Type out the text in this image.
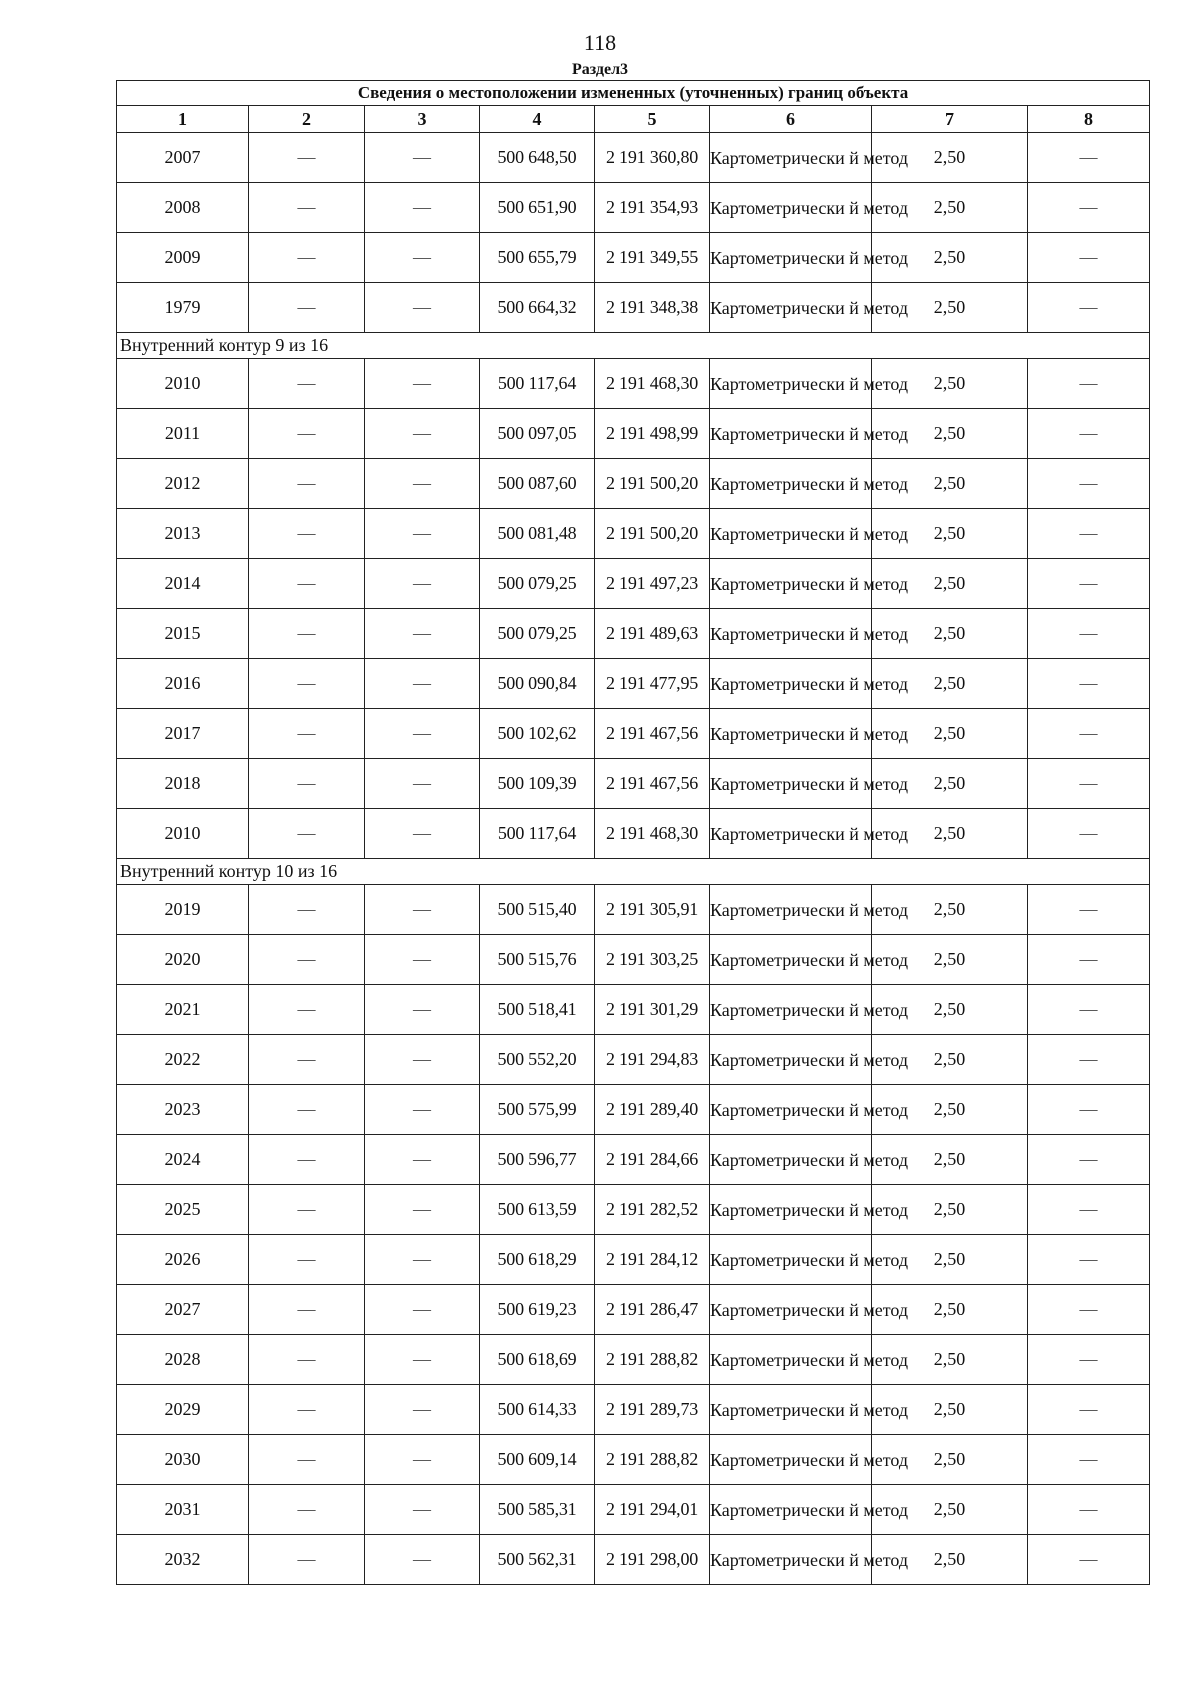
118
Раздел3
Сведения о местоположении измененных (уточненных) границ объекта							
1	2	3	4	5	6	7	8
2007	—	—	500 648,50	2 191 360,80	Картометрически й метод	2,50	—
2008	—	—	500 651,90	2 191 354,93	Картометрически й метод	2,50	—
2009	—	—	500 655,79	2 191 349,55	Картометрически й метод	2,50	—
1979	—	—	500 664,32	2 191 348,38	Картометрически й метод	2,50	—
Внутренний контур 9 из 16							
2010	—	—	500 117,64	2 191 468,30	Картометрически й метод	2,50	—
2011	—	—	500 097,05	2 191 498,99	Картометрически й метод	2,50	—
2012	—	—	500 087,60	2 191 500,20	Картометрически й метод	2,50	—
2013	—	—	500 081,48	2 191 500,20	Картометрически й метод	2,50	—
2014	—	—	500 079,25	2 191 497,23	Картометрически й метод	2,50	—
2015	—	—	500 079,25	2 191 489,63	Картометрически й метод	2,50	—
2016	—	—	500 090,84	2 191 477,95	Картометрически й метод	2,50	—
2017	—	—	500 102,62	2 191 467,56	Картометрически й метод	2,50	—
2018	—	—	500 109,39	2 191 467,56	Картометрически й метод	2,50	—
2010	—	—	500 117,64	2 191 468,30	Картометрически й метод	2,50	—
Внутренний контур 10 из 16							
2019	—	—	500 515,40	2 191 305,91	Картометрически й метод	2,50	—
2020	—	—	500 515,76	2 191 303,25	Картометрически й метод	2,50	—
2021	—	—	500 518,41	2 191 301,29	Картометрически й метод	2,50	—
2022	—	—	500 552,20	2 191 294,83	Картометрически й метод	2,50	—
2023	—	—	500 575,99	2 191 289,40	Картометрически й метод	2,50	—
2024	—	—	500 596,77	2 191 284,66	Картометрически й метод	2,50	—
2025	—	—	500 613,59	2 191 282,52	Картометрически й метод	2,50	—
2026	—	—	500 618,29	2 191 284,12	Картометрически й метод	2,50	—
2027	—	—	500 619,23	2 191 286,47	Картометрически й метод	2,50	—
2028	—	—	500 618,69	2 191 288,82	Картометрически й метод	2,50	—
2029	—	—	500 614,33	2 191 289,73	Картометрически й метод	2,50	—
2030	—	—	500 609,14	2 191 288,82	Картометрически й метод	2,50	—
2031	—	—	500 585,31	2 191 294,01	Картометрически й метод	2,50	—
2032	—	—	500 562,31	2 191 298,00	Картометрически й метод	2,50	—
